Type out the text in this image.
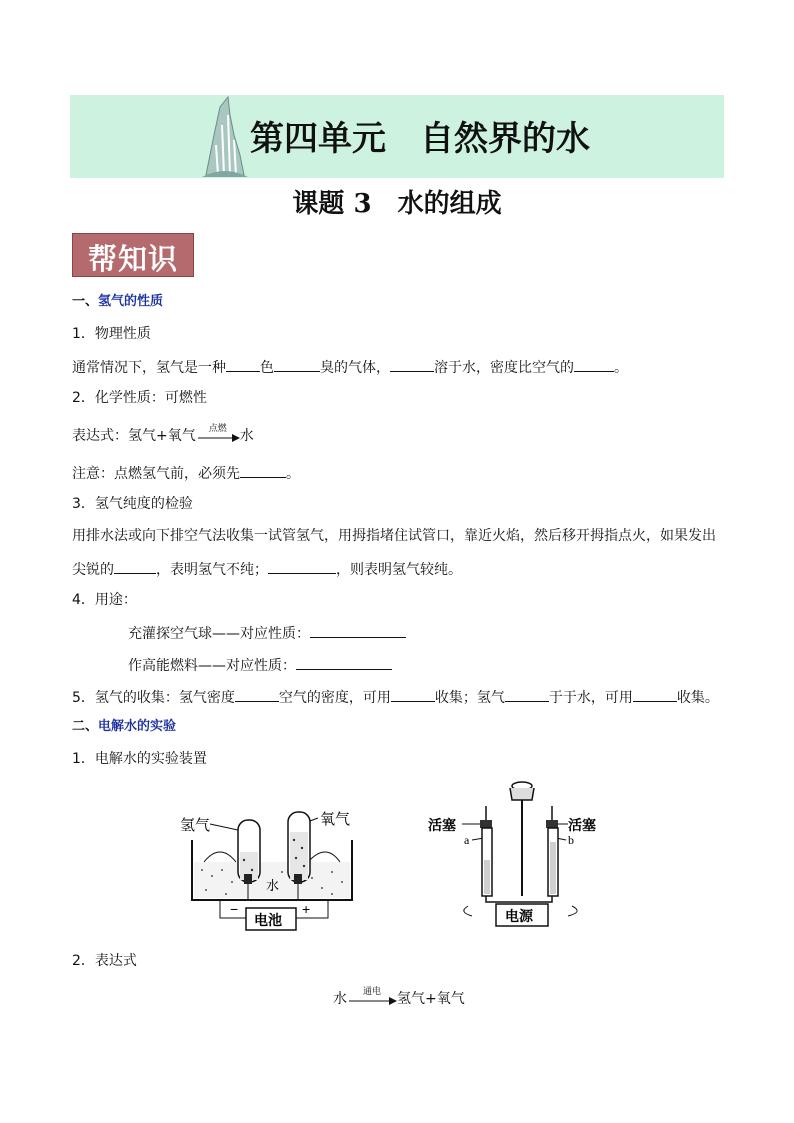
第四单元　自然界的水
课题 3　水的组成
帮知识
一、氢气的性质
1．物理性质
通常情况下，氢气是一种 色	臭的气体，	溶于水，密度比空气的	。
2．化学性质：可燃性
表达式：氢气+氧气	点燃 水
注意：点燃氢气前，必须先	。
3．氢气纯度的检验
用排水法或向下排空气法收集一试管氢气，用拇指堵住试管口，靠近火焰，然后移开拇指点火，如果发出
尖锐的	，表明氢气不纯；	，则表明氢气较纯。
4．用途：
充灌探空气球——对应性质：
作高能燃料——对应性质：
5．氢气的收集：氢气密度	空气的密度，可用	收集；氢气	于于水，可用	收集。
二、电解水的实验
1．电解水的实验装置
氢气	氧气
水
−	+
电池
活塞	活塞
a	b
电源
2．表达式
水	通电	氢气+氧气
